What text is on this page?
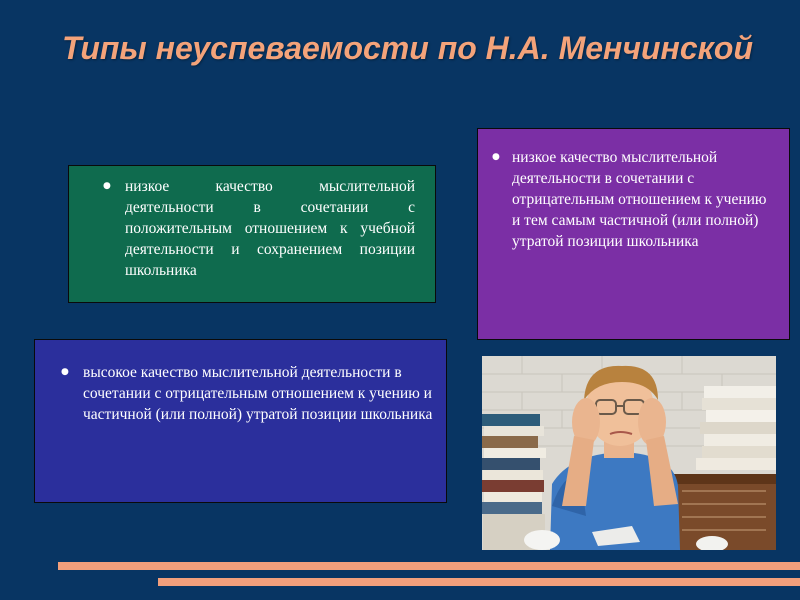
Типы неуспеваемости по Н.А. Менчинской
● низкое качество мыслительной деятельности в сочетании с положительным отношением к учебной деятельности и сохранением позиции школьника
● низкое качество мыслительной деятельности в сочетании с отрицательным отношением к учению и тем самым частичной (или полной) утратой позиции школьника
● высокое качество мыслительной деятельности в сочетании с отрицательным отношением к учению и частичной (или полной) утратой позиции школьника
